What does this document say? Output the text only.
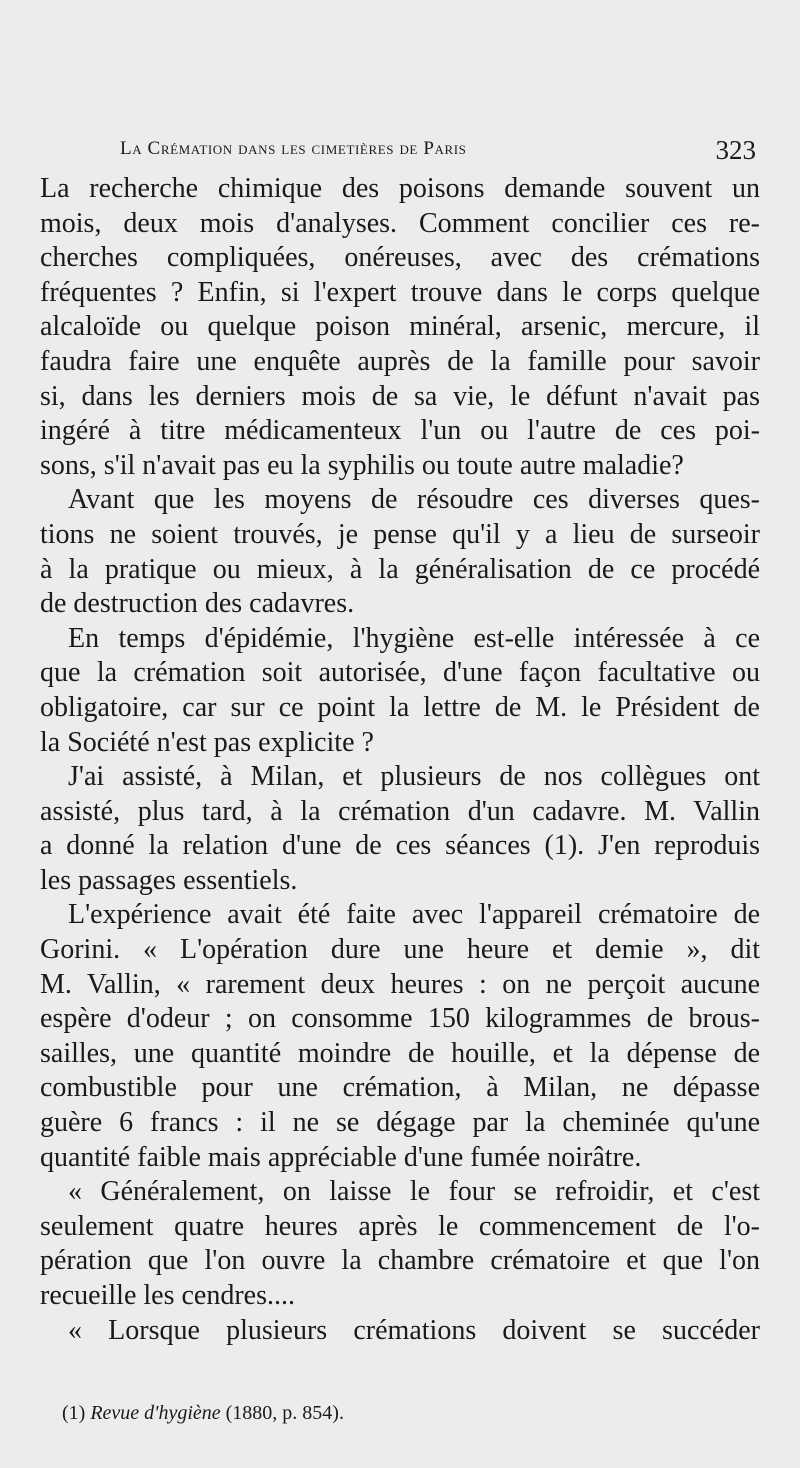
La Crémation dans les cimetières de Paris	323

La recherche chimique des poisons demande souvent un
mois, deux mois d'analyses. Comment concilier ces re-
cherches compliquées, onéreuses, avec des crémations
fréquentes ? Enfin, si l'expert trouve dans le corps quelque
alcaloïde ou quelque poison minéral, arsenic, mercure, il
faudra faire une enquête auprès de la famille pour savoir
si, dans les derniers mois de sa vie, le défunt n'avait pas
ingéré à titre médicamenteux l'un ou l'autre de ces poi-
sons, s'il n'avait pas eu la syphilis ou toute autre maladie?

Avant que les moyens de résoudre ces diverses ques-
tions ne soient trouvés, je pense qu'il y a lieu de surseoir
à la pratique ou mieux, à la généralisation de ce procédé
de destruction des cadavres.

En temps d'épidémie, l'hygiène est-elle intéressée à ce
que la crémation soit autorisée, d'une façon facultative ou
obligatoire, car sur ce point la lettre de M. le Président de
la Société n'est pas explicite ?

J'ai assisté, à Milan, et plusieurs de nos collègues ont
assisté, plus tard, à la crémation d'un cadavre. M. Vallin
a donné la relation d'une de ces séances (1). J'en reproduis
les passages essentiels.

L'expérience avait été faite avec l'appareil crématoire de
Gorini. « L'opération dure une heure et demie », dit
M. Vallin, « rarement deux heures : on ne perçoit aucune
espère d'odeur ; on consomme 150 kilogrammes de brous-
sailles, une quantité moindre de houille, et la dépense de
combustible pour une crémation, à Milan, ne dépasse
guère 6 francs : il ne se dégage par la cheminée qu'une
quantité faible mais appréciable d'une fumée noirâtre.

« Généralement, on laisse le four se refroidir, et c'est
seulement quatre heures après le commencement de l'o-
pération que l'on ouvre la chambre crématoire et que l'on
recueille les cendres....

« Lorsque plusieurs crémations doivent se succéder

(1) Revue d'hygiène (1880, p. 854).
